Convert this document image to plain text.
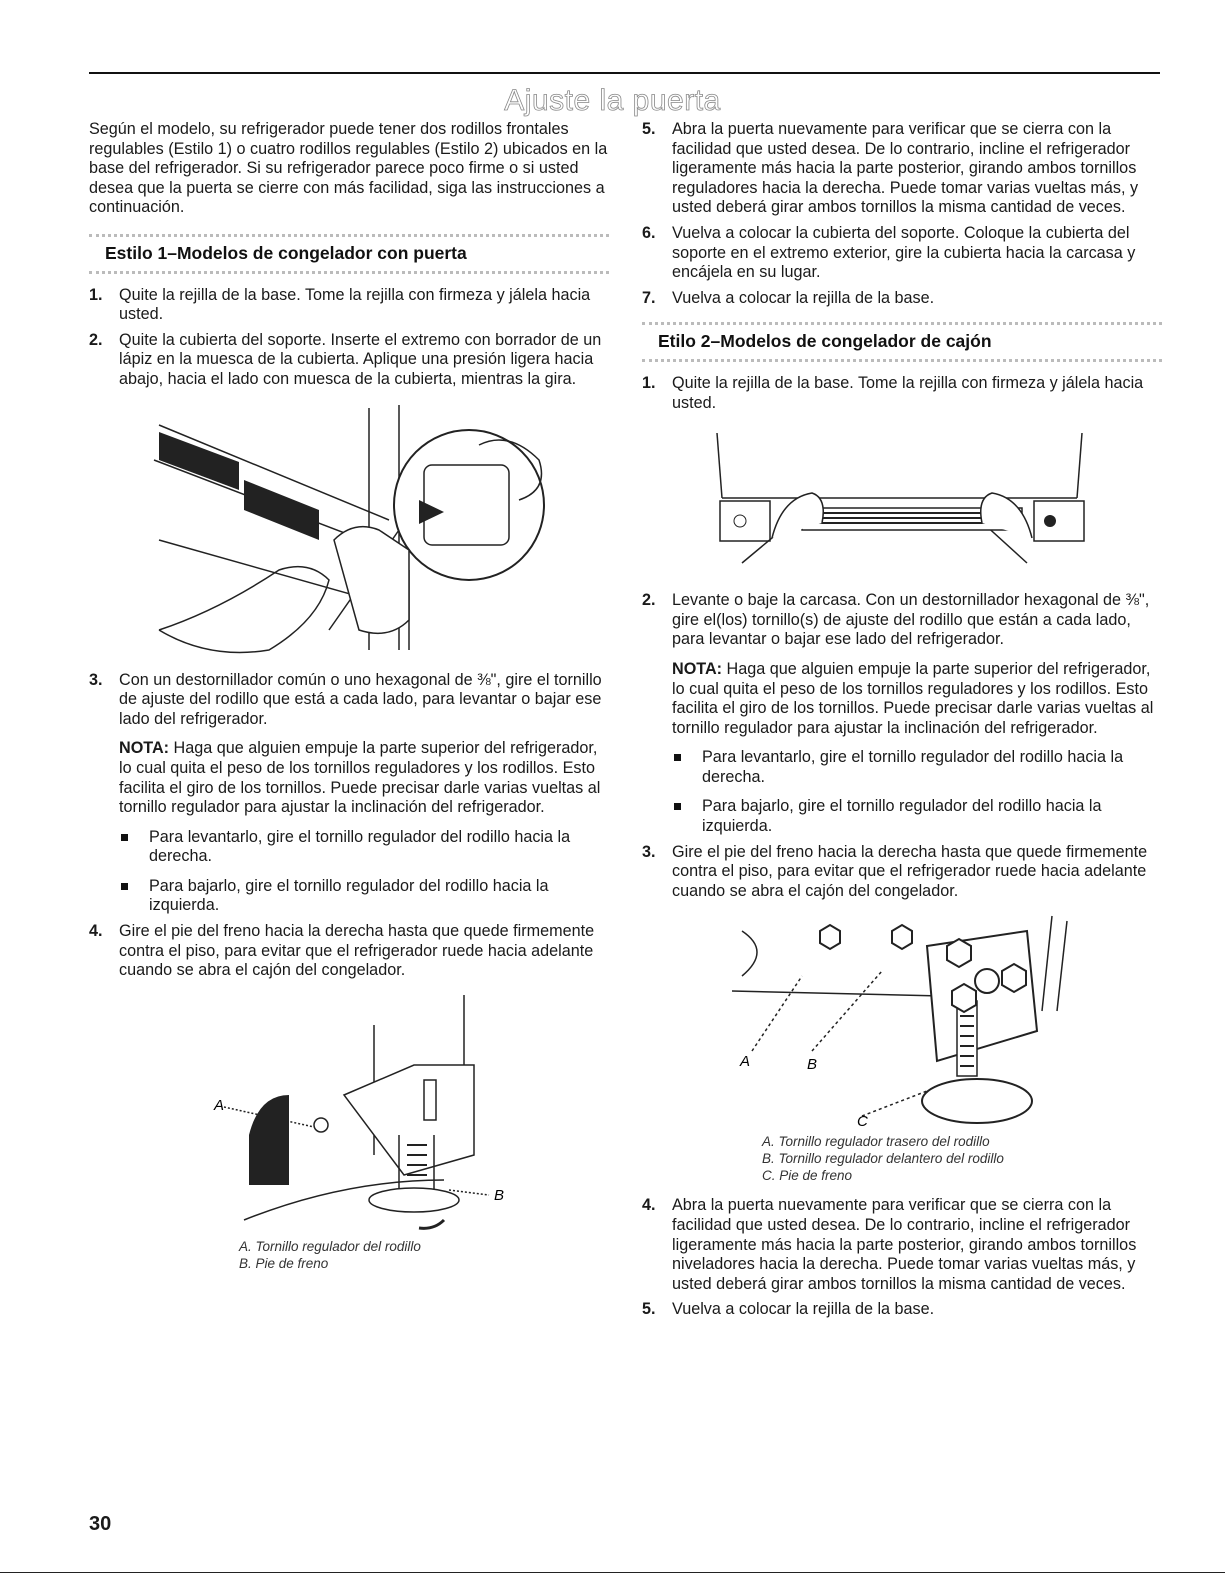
Ajuste la puerta

Según el modelo, su refrigerador puede tener dos rodillos frontales regulables (Estilo 1) o cuatro rodillos regulables (Estilo 2) ubicados en la base del refrigerador. Si su refrigerador parece poco firme o si usted desea que la puerta se cierre con más facilidad, siga las instrucciones a continuación.

Estilo 1–Modelos de congelador con puerta
1. Quite la rejilla de la base. Tome la rejilla con firmeza y jálela hacia usted.
2. Quite la cubierta del soporte. Inserte el extremo con borrador de un lápiz en la muesca de la cubierta. Aplique una presión ligera hacia abajo, hacia el lado con muesca de la cubierta, mientras la gira.
3. Con un destornillador común o uno hexagonal de ⅜", gire el tornillo de ajuste del rodillo que está a cada lado, para levantar o bajar ese lado del refrigerador.

NOTA: Haga que alguien empuje la parte superior del refrigerador, lo cual quita el peso de los tornillos reguladores y los rodillos. Esto facilita el giro de los tornillos. Puede precisar darle varias vueltas al tornillo regulador para ajustar la inclinación del refrigerador.

Para levantarlo, gire el tornillo regulador del rodillo hacia la derecha.
Para bajarlo, gire el tornillo regulador del rodillo hacia la izquierda.
4. Gire el pie del freno hacia la derecha hasta que quede firmemente contra el piso, para evitar que el refrigerador ruede hacia adelante cuando se abra el cajón del congelador.
A
B
A. Tornillo regulador del rodillo
B. Pie de freno
5. Abra la puerta nuevamente para verificar que se cierra con la facilidad que usted desea. De lo contrario, incline el refrigerador ligeramente más hacia la parte posterior, girando ambos tornillos reguladores hacia la derecha. Puede tomar varias vueltas más, y usted deberá girar ambos tornillos la misma cantidad de veces.
6. Vuelva a colocar la cubierta del soporte. Coloque la cubierta del soporte en el extremo exterior, gire la cubierta hacia la carcasa y encájela en su lugar.
7. Vuelva a colocar la rejilla de la base.
Etilo 2–Modelos de congelador de cajón
1. Quite la rejilla de la base. Tome la rejilla con firmeza y jálela hacia usted.
2. Levante o baje la carcasa. Con un destornillador hexagonal de ⅜", gire el(los) tornillo(s) de ajuste del rodillo que están a cada lado, para levantar o bajar ese lado del refrigerador.

NOTA: Haga que alguien empuje la parte superior del refrigerador, lo cual quita el peso de los tornillos reguladores y los rodillos. Esto facilita el giro de los tornillos. Puede precisar darle varias vueltas al tornillo regulador para ajustar la inclinación del refrigerador.

Para levantarlo, gire el tornillo regulador del rodillo hacia la derecha.
Para bajarlo, gire el tornillo regulador del rodillo hacia la izquierda.
3. Gire el pie del freno hacia la derecha hasta que quede firmemente contra el piso, para evitar que el refrigerador ruede hacia adelante cuando se abra el cajón del congelador.
A	B
C
A. Tornillo regulador trasero del rodillo
B. Tornillo regulador delantero del rodillo
C. Pie de freno
4. Abra la puerta nuevamente para verificar que se cierra con la facilidad que usted desea. De lo contrario, incline el refrigerador ligeramente más hacia la parte posterior, girando ambos tornillos niveladores hacia la derecha. Puede tomar varias vueltas más, y usted deberá girar ambos tornillos la misma cantidad de veces.
5. Vuelva a colocar la rejilla de la base.
30
